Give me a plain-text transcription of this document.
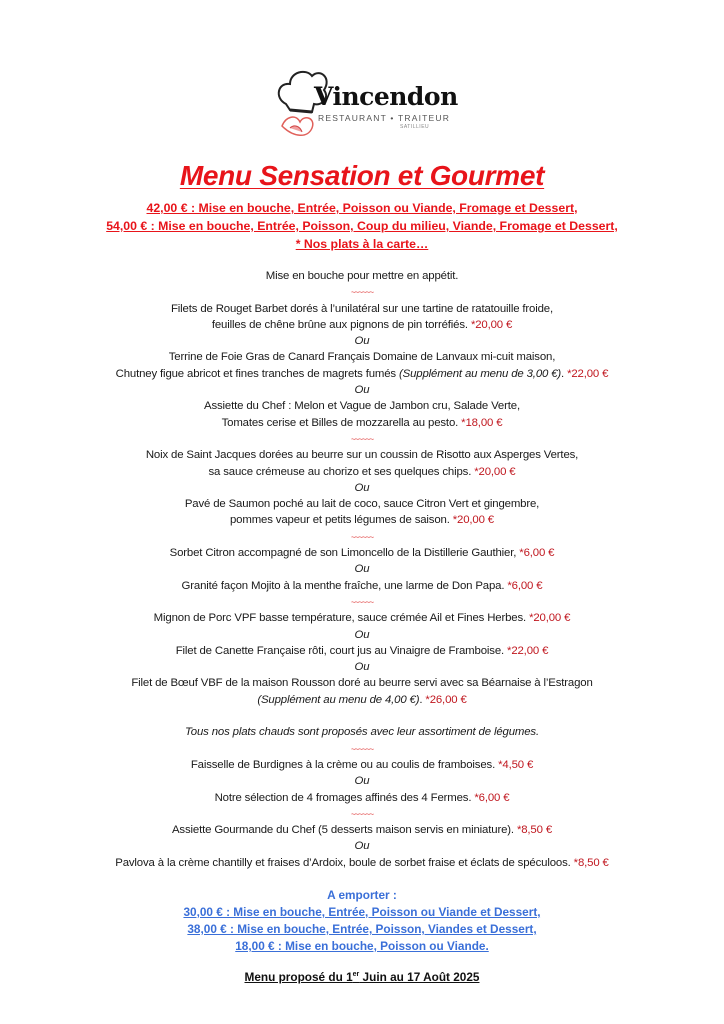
Vincendon
RESTAURANT • TRAITEUR
SATILLIEU
Menu Sensation et Gourmet
42,00 € : Mise en bouche, Entrée, Poisson ou Viande, Fromage et Dessert,
54,00 € : Mise en bouche, Entrée, Poisson, Coup du milieu, Viande, Fromage et Dessert,
* Nos plats à la carte…
Mise en bouche pour mettre en appétit.
~~~~~~
Filets de Rouget Barbet dorés à l’unilatéral sur une tartine de ratatouille froide,
feuilles de chêne brûne aux pignons de pin torréfiés. *20,00 €
Ou
Terrine de Foie Gras de Canard Français Domaine de Lanvaux mi-cuit maison,
Chutney figue abricot et fines tranches de magrets fumés (Supplément au menu de 3,00 €). *22,00 €
Ou
Assiette du Chef : Melon et Vague de Jambon cru, Salade Verte,
Tomates cerise et Billes de mozzarella au pesto. *18,00 €
~~~~~~
Noix de Saint Jacques dorées au beurre sur un coussin de Risotto aux Asperges Vertes,
sa sauce crémeuse au chorizo et ses quelques chips. *20,00 €
Ou
Pavé de Saumon poché au lait de coco, sauce Citron Vert et gingembre,
pommes vapeur et petits légumes de saison. *20,00 €
~~~~~~
Sorbet Citron accompagné de son Limoncello de la Distillerie Gauthier, *6,00 €
Ou
Granité façon Mojito à la menthe fraîche, une larme de Don Papa. *6,00 €
~~~~~~
Mignon de Porc VPF basse température, sauce crémée Ail et Fines Herbes. *20,00 €
Ou
Filet de Canette Française rôti, court jus au Vinaigre de Framboise. *22,00 €
Ou
Filet de Bœuf VBF de la maison Rousson doré au beurre servi avec sa Béarnaise à l’Estragon
(Supplément au menu de 4,00 €). *26,00 €
Tous nos plats chauds sont proposés avec leur assortiment de légumes.
~~~~~~
Faisselle de Burdignes à la crème ou au coulis de framboises. *4,50 €
Ou
Notre sélection de 4 fromages affinés des 4 Fermes. *6,00 €
~~~~~~
Assiette Gourmande du Chef (5 desserts maison servis en miniature). *8,50 €
Ou
Pavlova à la crème chantilly et fraises d’Ardoix, boule de sorbet fraise et éclats de spéculoos. *8,50 €
A emporter :
30,00 € : Mise en bouche, Entrée, Poisson ou Viande et Dessert,
38,00 € : Mise en bouche, Entrée, Poisson, Viandes et Dessert,
18,00 € : Mise en bouche, Poisson ou Viande.
Menu proposé du 1er Juin au 17 Août 2025
